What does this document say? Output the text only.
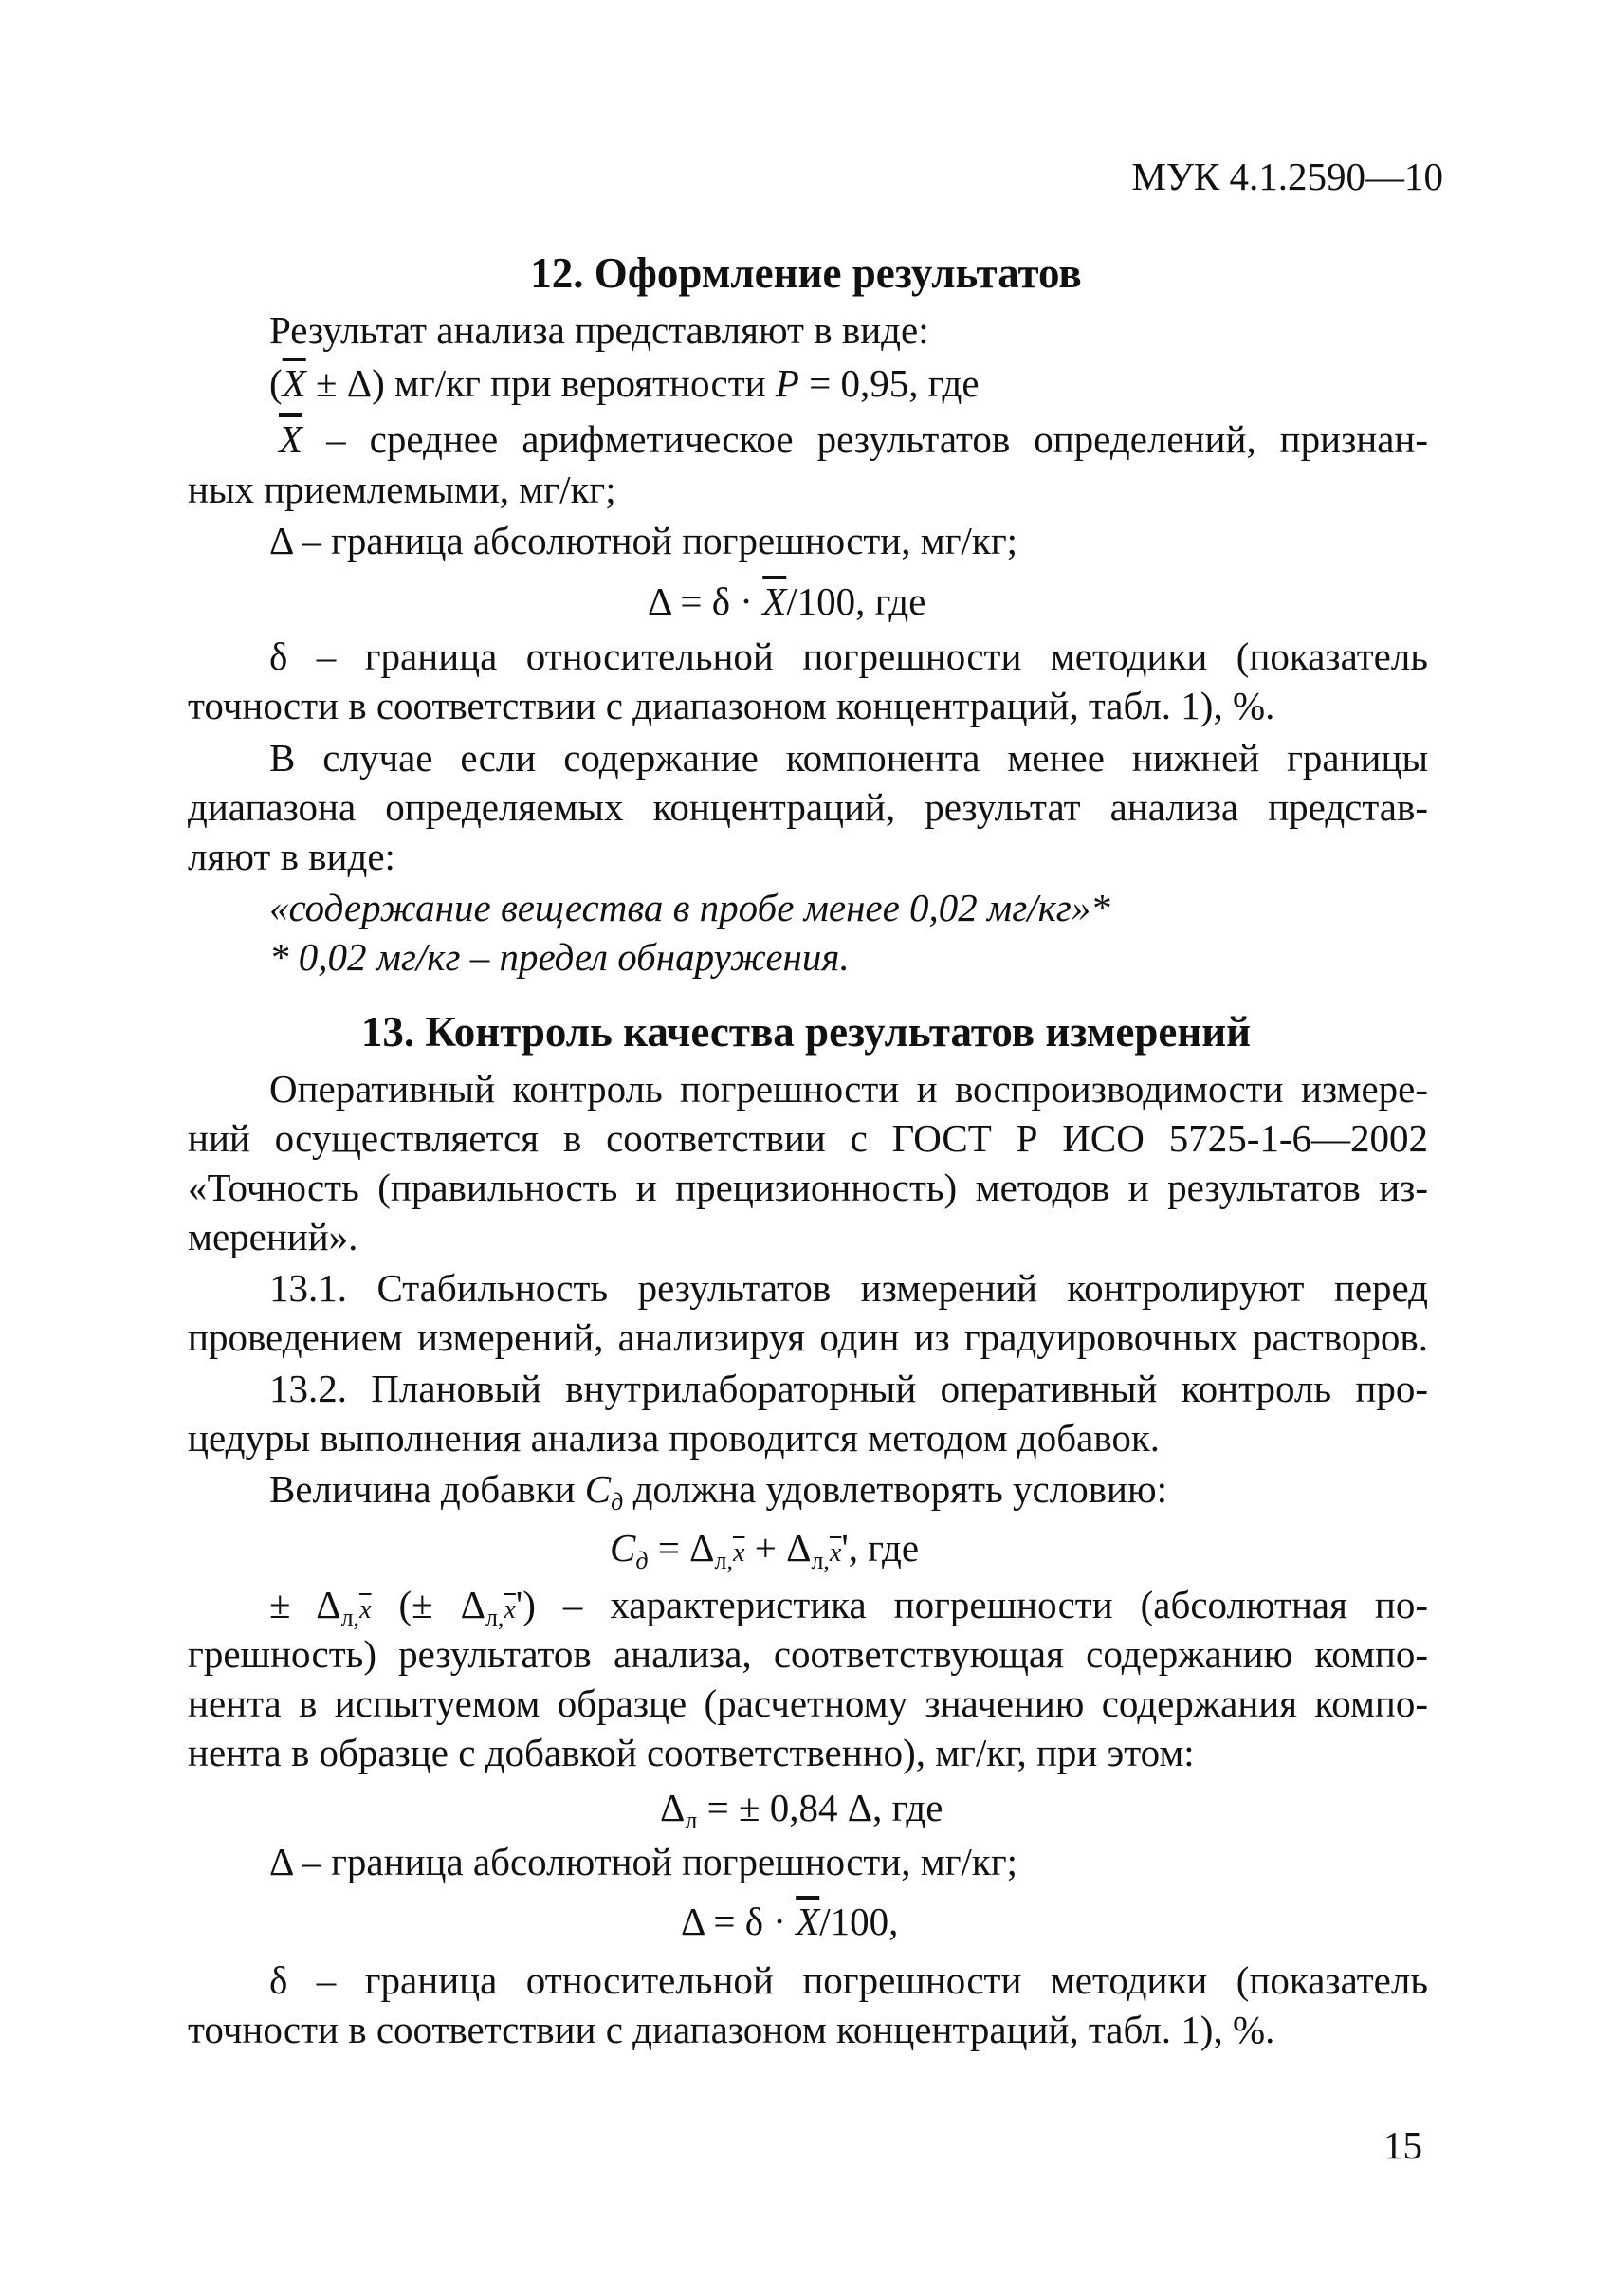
МУК 4.1.2590—10
12. Оформление результатов
Результат анализа представляют в виде:
$(\overline{X} \pm \Delta)$ мг/кг при вероятности P = 0,95, где
$\overline{X}$ – среднее арифметическое результатов определений, признан-
ных приемлемыми, мг/кг;
Δ – граница абсолютной погрешности, мг/кг;
$\Delta = \delta \cdot \overline{X}/100$, где
δ – граница относительной погрешности методики (показатель
точности в соответствии с диапазоном концентраций, табл. 1), %.
В случае если содержание компонента менее нижней границы
диапазона определяемых концентраций, результат анализа представ-
ляют в виде:
«содержание вещества в пробе менее 0,02 мг/кг»*
* 0,02 мг/кг – предел обнаружения.
13. Контроль качества результатов измерений
Оперативный контроль погрешности и воспроизводимости измере-
ний осуществляется в соответствии с ГОСТ Р ИСО 5725-1-6—2002
«Точность (правильность и прецизионность) методов и результатов из-
мерений».
13.1. Стабильность результатов измерений контролируют перед
проведением измерений, анализируя один из градуировочных растворов.
13.2. Плановый внутрилабораторный оперативный контроль про-
цедуры выполнения анализа проводится методом добавок.
Величина добавки $C_д$ должна удовлетворять условию:
$C_д = \Delta_{л,}\overline{x} + \Delta_{л,}\overline{x}'$, где
± $\Delta_{л,}\overline{x}$ (± $\Delta_{л,}\overline{x}'$) – характеристика погрешности (абсолютная по-
грешность) результатов анализа, соответствующая содержанию компо-
нента в испытуемом образце (расчетному значению содержания компо-
нента в образце с добавкой соответственно), мг/кг, при этом:
$\Delta_л$ = ± 0,84 Δ, где
Δ – граница абсолютной погрешности, мг/кг;
$\Delta = \delta \cdot \overline{X}/100$,
δ – граница относительной погрешности методики (показатель
точности в соответствии с диапазоном концентраций, табл. 1), %.
15
